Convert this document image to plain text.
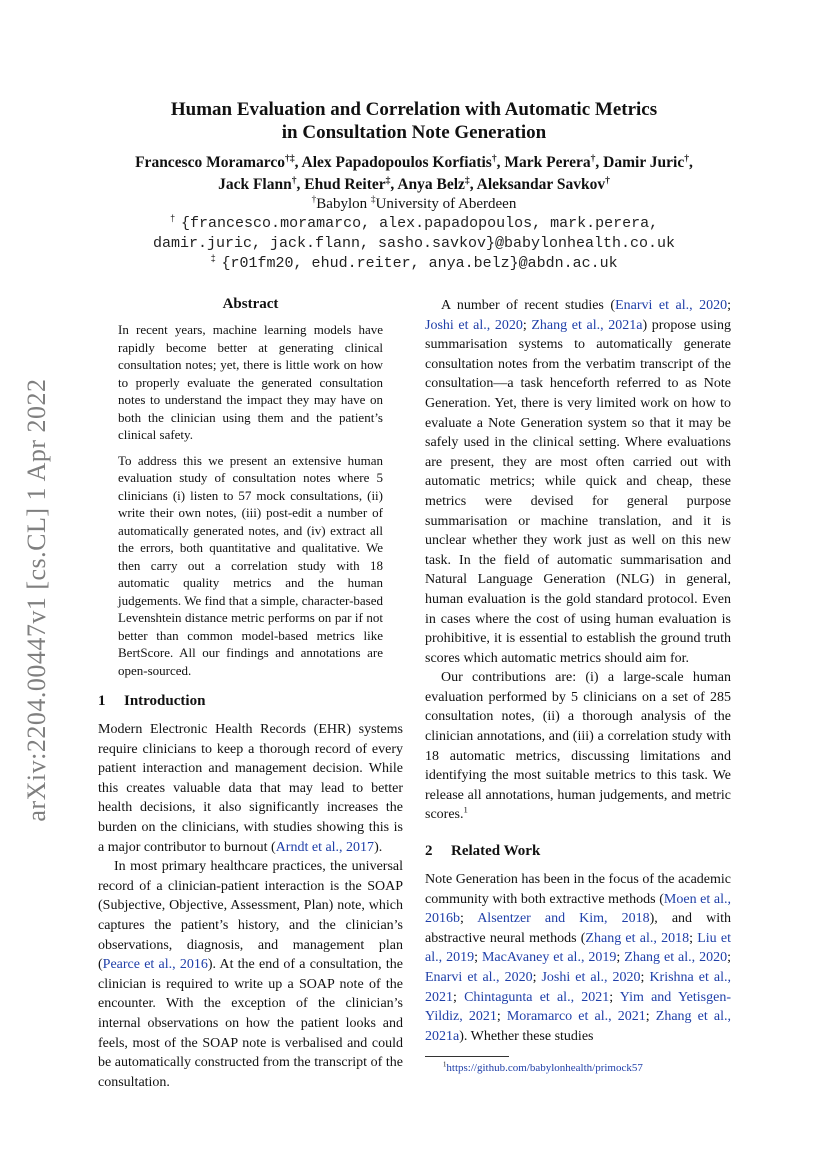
arXiv:2204.00447v1 [cs.CL] 1 Apr 2022
Human Evaluation and Correlation with Automatic Metrics
in Consultation Note Generation
Francesco Moramarco†‡, Alex Papadopoulos Korfiatis†, Mark Perera†, Damir Juric†,
Jack Flann†, Ehud Reiter‡, Anya Belz‡, Aleksandar Savkov†
†Babylon ‡University of Aberdeen
† {francesco.moramarco, alex.papadopoulos, mark.perera,
damir.juric, jack.flann, sasho.savkov}@babylonhealth.co.uk
‡ {r01fm20, ehud.reiter, anya.belz}@abdn.ac.uk
Abstract

In recent years, machine learning models have rapidly become better at generating clinical consultation notes; yet, there is little work on how to properly evaluate the generated consultation notes to understand the impact they may have on both the clinician using them and the patient’s clinical safety.

To address this we present an extensive human evaluation study of consultation notes where 5 clinicians (i) listen to 57 mock consultations, (ii) write their own notes, (iii) post-edit a number of automatically generated notes, and (iv) extract all the errors, both quantitative and qualitative. We then carry out a correlation study with 18 automatic quality metrics and the human judgements. We find that a simple, character-based Levenshtein distance metric performs on par if not better than common model-based metrics like BertScore. All our findings and annotations are open-sourced.

1 Introduction
Modern Electronic Health Records (EHR) systems require clinicians to keep a thorough record of every patient interaction and management decision. While this creates valuable data that may lead to better health decisions, it also significantly increases the burden on the clinicians, with studies showing this is a major contributor to burnout (Arndt et al., 2017).
In most primary healthcare practices, the universal record of a clinician-patient interaction is the SOAP (Subjective, Objective, Assessment, Plan) note, which captures the patient’s history, and the clinician’s observations, diagnosis, and management plan (Pearce et al., 2016). At the end of a consultation, the clinician is required to write up a SOAP note of the encounter. With the exception of the clinician’s internal observations on how the patient looks and feels, most of the SOAP note is verbalised and could be automatically constructed from the transcript of the consultation.
A number of recent studies (Enarvi et al., 2020; Joshi et al., 2020; Zhang et al., 2021a) propose using summarisation systems to automatically generate consultation notes from the verbatim transcript of the consultation—a task henceforth referred to as Note Generation. Yet, there is very limited work on how to evaluate a Note Generation system so that it may be safely used in the clinical setting. Where evaluations are present, they are most often carried out with automatic metrics; while quick and cheap, these metrics were devised for general purpose summarisation or machine translation, and it is unclear whether they work just as well on this new task. In the field of automatic summarisation and Natural Language Generation (NLG) in general, human evaluation is the gold standard protocol. Even in cases where the cost of using human evaluation is prohibitive, it is essential to establish the ground truth scores which automatic metrics should aim for.
Our contributions are: (i) a large-scale human evaluation performed by 5 clinicians on a set of 285 consultation notes, (ii) a thorough analysis of the clinician annotations, and (iii) a correlation study with 18 automatic metrics, discussing limitations and identifying the most suitable metrics to this task. We release all annotations, human judgements, and metric scores.$^1$
2 Related Work
Note Generation has been in the focus of the academic community with both extractive methods (Moen et al., 2016b; Alsentzer and Kim, 2018), and with abstractive neural methods (Zhang et al., 2018; Liu et al., 2019; MacAvaney et al., 2019; Zhang et al., 2020; Enarvi et al., 2020; Joshi et al., 2020; Krishna et al., 2021; Chintagunta et al., 2021; Yim and Yetisgen-Yildiz, 2021; Moramarco et al., 2021; Zhang et al., 2021a). Whether these studies
$^1$https://github.com/babylonhealth/primock57
